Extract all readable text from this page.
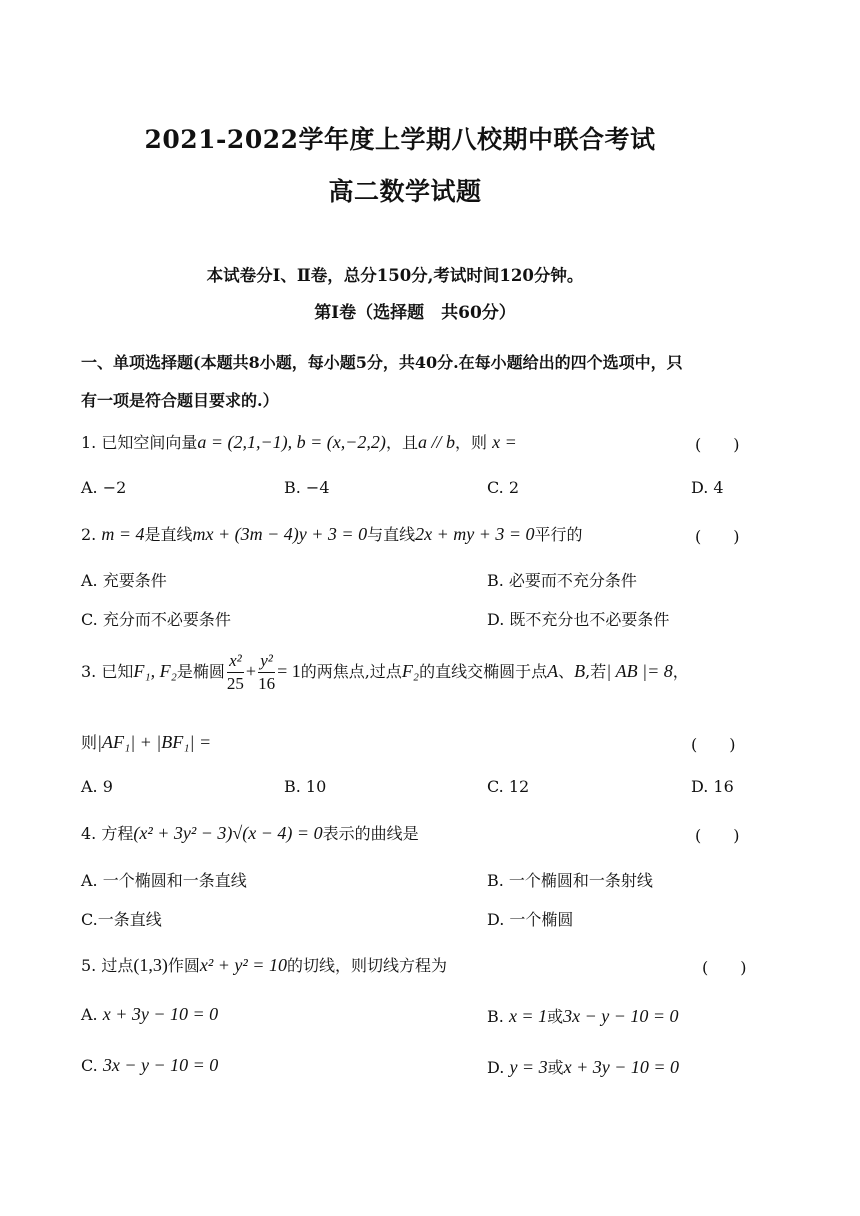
2021-2022学年度上学期八校期中联合考试
高二数学试题
本试卷分Ⅰ、Ⅱ卷，总分150分,考试时间120分钟。
第Ⅰ卷（选择题　共60分）
一、单项选择题(本题共8小题，每小题5分，共40分.在每小题给出的四个选项中，只
有一项是符合题目要求的.）
1. 已知空间向量a = (2,1,−1), b = (x,−2,2)，且a // b，则 x =	(　　)
A. −2	B. −4	C. 2	D. 4
2. m = 4是直线mx + (3m − 4)y + 3 = 0与直线2x + my + 3 = 0平行的	(　　)
A. 充要条件	B. 必要而不充分条件
C. 充分而不必要条件	D. 既不充分也不必要条件
3. 已知F₁, F₂是椭圆 $\frac{\text{x²}}{25} + \frac{\text{y²}}{16} = 1$的两焦点,过点F₂的直线交椭圆于点A、B,若| AB |= 8，
则|AF₁| + |BF₁| =	(　　)
A. 9	B. 10	C. 12	D. 16
4. 方程(x² + 3y² − 3)√(x − 4) = 0表示的曲线是	(　　)
A. 一个椭圆和一条直线	B. 一个椭圆和一条射线
C.一条直线	D. 一个椭圆
5. 过点(1,3)作圆x² + y² = 10的切线，则切线方程为	(　　)
A. x + 3y − 10 = 0	B. x = 1或3x − y − 10 = 0
C. 3x − y − 10 = 0	D. y = 3或x + 3y − 10 = 0
